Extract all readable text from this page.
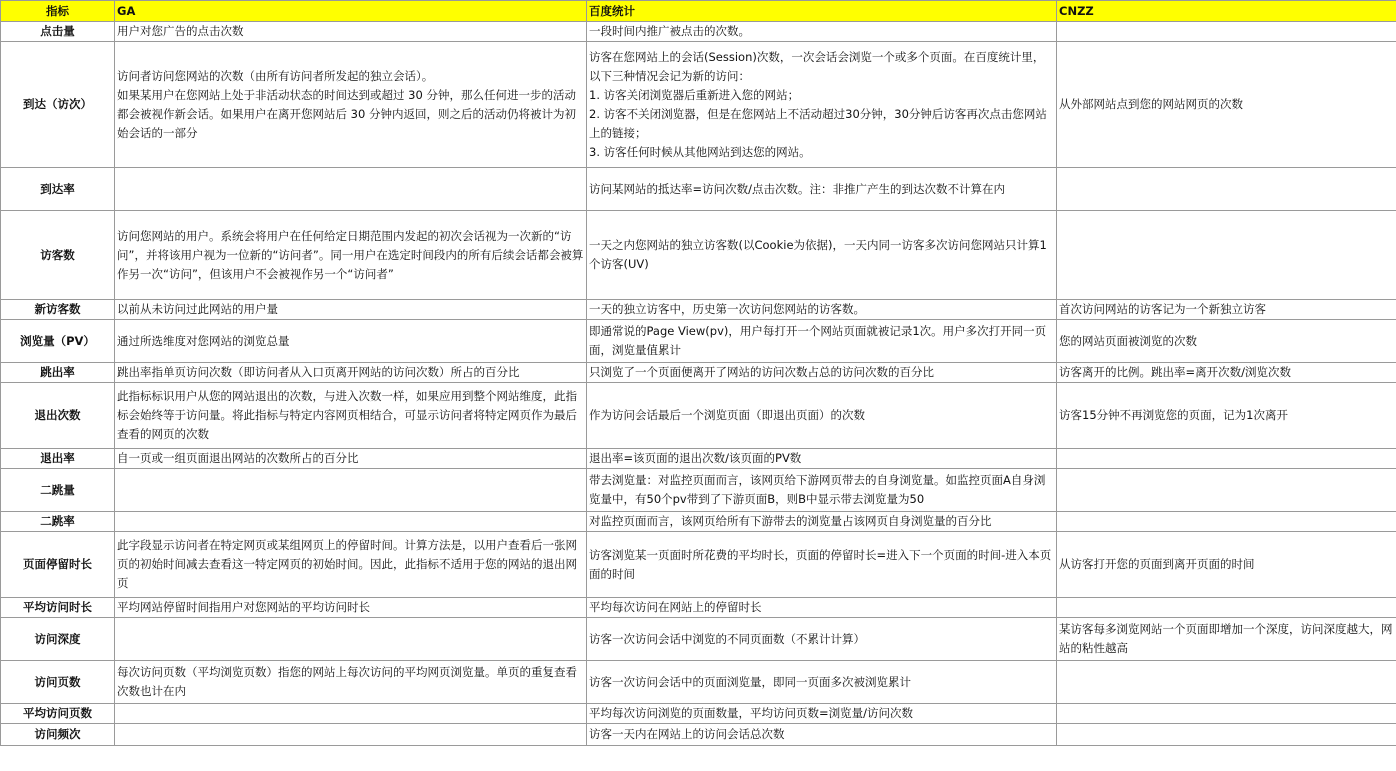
指标	GA	百度统计	CNZZ
点击量	用户对您广告的点击次数	一段时间内推广被点击的次数。	
到达（访次）	访问者访问您网站的次数（由所有访问者所发起的独立会话）。
如果某用户在您网站上处于非活动状态的时间达到或超过 30 分钟，那么任何进一步的活动都会被视作新会话。如果用户在离开您网站后 30 分钟内返回，则之后的活动仍将被计为初始会话的一部分	访客在您网站上的会话(Session)次数，一次会话会浏览一个或多个页面。在百度统计里，以下三种情况会记为新的访问：
1. 访客关闭浏览器后重新进入您的网站；
2. 访客不关闭浏览器，但是在您网站上不活动超过30分钟，30分钟后访客再次点击您网站上的链接；
3. 访客任何时候从其他网站到达您的网站。	从外部网站点到您的网站网页的次数
到达率		访问某网站的抵达率=访问次数/点击次数。注：非推广产生的到达次数不计算在内	
访客数	访问您网站的用户。系统会将用户在任何给定日期范围内发起的初次会话视为一次新的“访问”，并将该用户视为一位新的“访问者”。同一用户在选定时间段内的所有后续会话都会被算作另一次“访问”，但该用户不会被视作另一个“访问者”	一天之内您网站的独立访客数(以Cookie为依据)，一天内同一访客多次访问您网站只计算1个访客(UV)	
新访客数	以前从未访问过此网站的用户量	一天的独立访客中，历史第一次访问您网站的访客数。	首次访问网站的访客记为一个新独立访客
浏览量（PV）	通过所选维度对您网站的浏览总量	即通常说的Page View(pv)，用户每打开一个网站页面就被记录1次。用户多次打开同一页面，浏览量值累计	您的网站页面被浏览的次数
跳出率	跳出率指单页访问次数（即访问者从入口页离开网站的访问次数）所占的百分比	只浏览了一个页面便离开了网站的访问次数占总的访问次数的百分比	访客离开的比例。跳出率=离开次数/浏览次数
退出次数	此指标标识用户从您的网站退出的次数，与进入次数一样，如果应用到整个网站维度，此指标会始终等于访问量。将此指标与特定内容网页相结合，可显示访问者将特定网页作为最后查看的网页的次数	作为访问会话最后一个浏览页面（即退出页面）的次数	访客15分钟不再浏览您的页面，记为1次离开
退出率	自一页或一组页面退出网站的次数所占的百分比	退出率=该页面的退出次数/该页面的PV数	
二跳量		带去浏览量：对监控页面而言，该网页给下游网页带去的自身浏览量。如监控页面A自身浏览量中，有50个pv带到了下游页面B，则B中显示带去浏览量为50	
二跳率		对监控页面而言，该网页给所有下游带去的浏览量占该网页自身浏览量的百分比	
页面停留时长	此字段显示访问者在特定网页或某组网页上的停留时间。计算方法是，以用户查看后一张网页的初始时间减去查看这一特定网页的初始时间。因此，此指标不适用于您的网站的退出网页	访客浏览某一页面时所花费的平均时长，页面的停留时长=进入下一个页面的时间-进入本页面的时间	从访客打开您的页面到离开页面的时间
平均访问时长	平均网站停留时间指用户对您网站的平均访问时长	平均每次访问在网站上的停留时长	
访问深度		访客一次访问会话中浏览的不同页面数（不累计计算）	某访客每多浏览网站一个页面即增加一个深度，访问深度越大，网站的粘性越高
访问页数	每次访问页数（平均浏览页数）指您的网站上每次访问的平均网页浏览量。单页的重复查看次数也计在内	访客一次访问会话中的页面浏览量，即同一页面多次被浏览累计	
平均访问页数		平均每次访问浏览的页面数量，平均访问页数=浏览量/访问次数	
访问频次		访客一天内在网站上的访问会话总次数	
